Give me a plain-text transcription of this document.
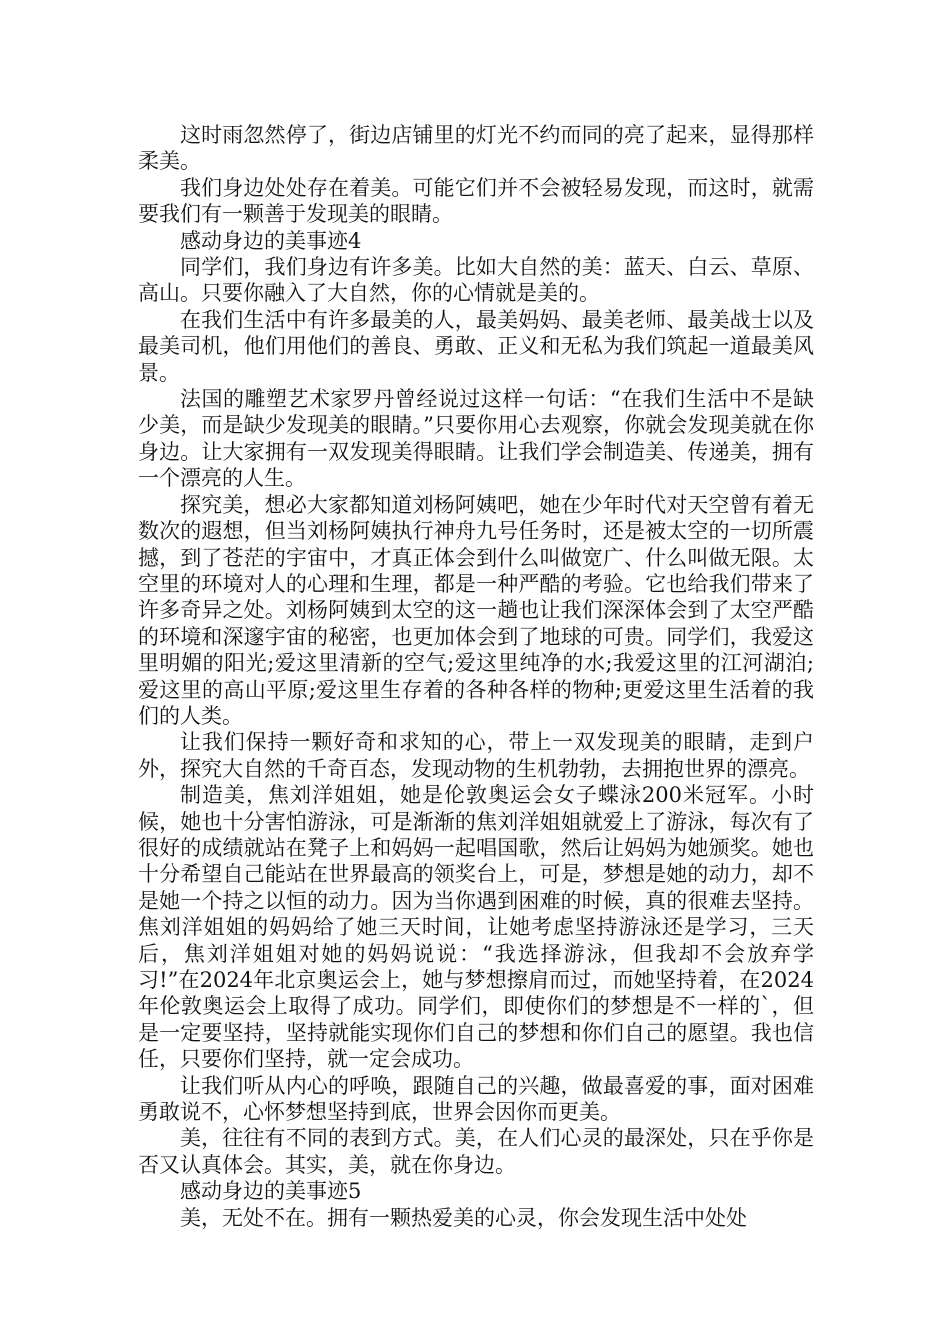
这时雨忽然停了，街边店铺里的灯光不约而同的亮了起来，显得那样柔美。

我们身边处处存在着美。可能它们并不会被轻易发现，而这时，就需要我们有一颗善于发现美的眼睛。

感动身边的美事迹4

同学们，我们身边有许多美。比如大自然的美：蓝天、白云、草原、高山。只要你融入了大自然，你的心情就是美的。

在我们生活中有许多最美的人，最美妈妈、最美老师、最美战士以及最美司机，他们用他们的善良、勇敢、正义和无私为我们筑起一道最美风景。

法国的雕塑艺术家罗丹曾经说过这样一句话：“在我们生活中不是缺少美，而是缺少发现美的眼睛。”只要你用心去观察，你就会发现美就在你身边。让大家拥有一双发现美得眼睛。让我们学会制造美、传递美，拥有一个漂亮的人生。

探究美，想必大家都知道刘杨阿姨吧，她在少年时代对天空曾有着无数次的遐想，但当刘杨阿姨执行神舟九号任务时，还是被太空的一切所震撼，到了苍茫的宇宙中，才真正体会到什么叫做宽广、什么叫做无限。太空里的环境对人的心理和生理，都是一种严酷的考验。它也给我们带来了许多奇异之处。刘杨阿姨到太空的这一趟也让我们深深体会到了太空严酷的环境和深邃宇宙的秘密，也更加体会到了地球的可贵。同学们，我爱这里明媚的阳光;爱这里清新的空气;爱这里纯净的水;我爱这里的江河湖泊;爱这里的高山平原;爱这里生存着的各种各样的物种;更爱这里生活着的我们的人类。

让我们保持一颗好奇和求知的心，带上一双发现美的眼睛，走到户外，探究大自然的千奇百态，发现动物的生机勃勃，去拥抱世界的漂亮。

制造美，焦刘洋姐姐，她是伦敦奥运会女子蝶泳200米冠军。小时候，她也十分害怕游泳，可是渐渐的焦刘洋姐姐就爱上了游泳，每次有了很好的成绩就站在凳子上和妈妈一起唱国歌，然后让妈妈为她颁奖。她也十分希望自己能站在世界最高的领奖台上，可是，梦想是她的动力，却不是她一个持之以恒的动力。因为当你遇到困难的时候，真的很难去坚持。焦刘洋姐姐的妈妈给了她三天时间，让她考虑坚持游泳还是学习，三天后，焦刘洋姐姐对她的妈妈说说：“我选择游泳，但我却不会放弃学习!”在2024年北京奥运会上，她与梦想擦肩而过，而她坚持着，在2024年伦敦奥运会上取得了成功。同学们，即使你们的梦想是不一样的`，但是一定要坚持，坚持就能实现你们自己的梦想和你们自己的愿望。我也信任，只要你们坚持，就一定会成功。

让我们听从内心的呼唤，跟随自己的兴趣，做最喜爱的事，面对困难勇敢说不，心怀梦想坚持到底，世界会因你而更美。

美，往往有不同的表到方式。美，在人们心灵的最深处，只在乎你是否又认真体会。其实，美，就在你身边。

感动身边的美事迹5

美，无处不在。拥有一颗热爱美的心灵，你会发现生活中处处
